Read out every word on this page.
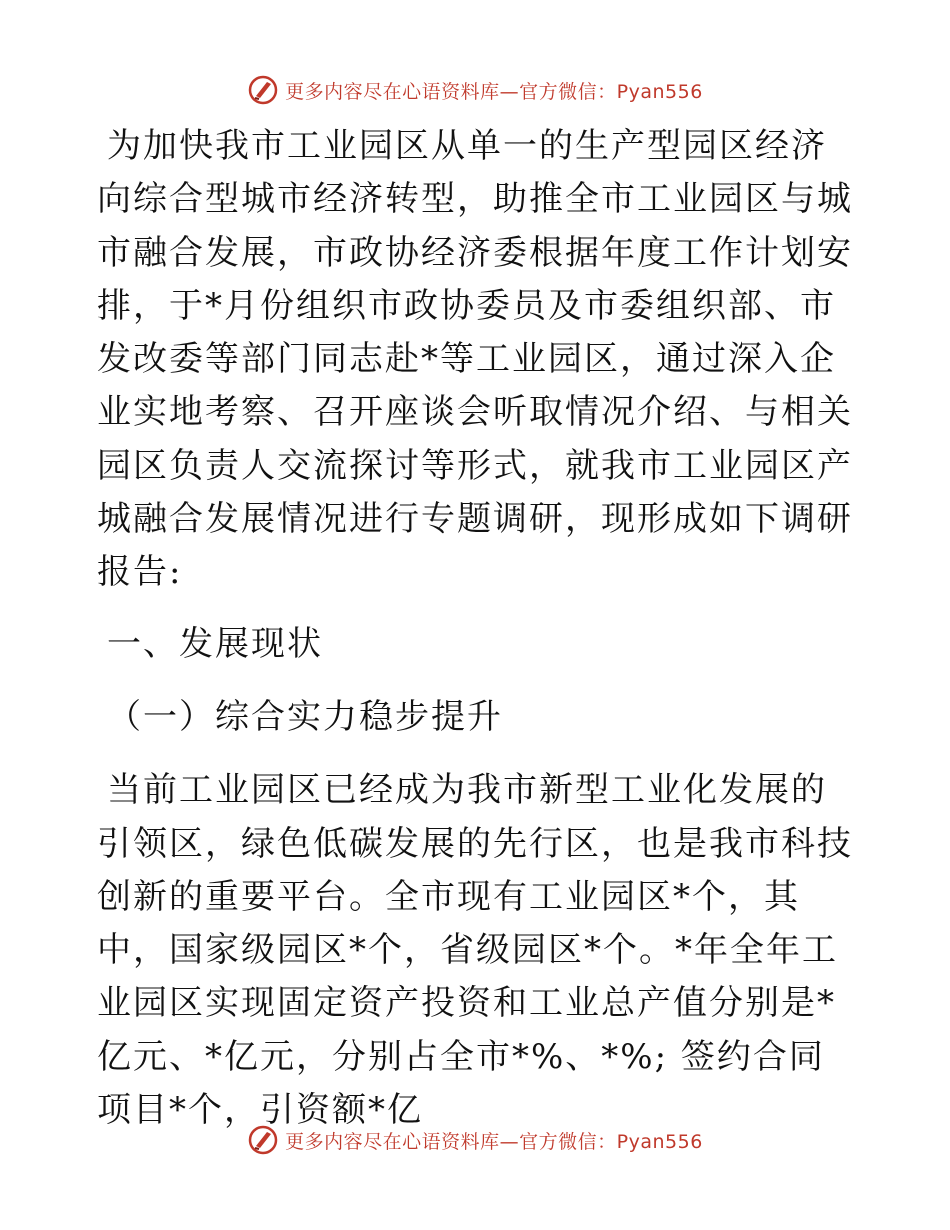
更多内容尽在心语资料库—官方微信：Pyan556

为加快我市工业园区从单一的生产型园区经济向综合型城市经济转型，助推全市工业园区与城市融合发展，市政协经济委根据年度工作计划安排，于*月份组织市政协委员及市委组织部、市发改委等部门同志赴*等工业园区，通过深入企业实地考察、召开座谈会听取情况介绍、与相关园区负责人交流探讨等形式，就我市工业园区产城融合发展情况进行专题调研，现形成如下调研报告:

一、发展现状

（一）综合实力稳步提升

当前工业园区已经成为我市新型工业化发展的引领区，绿色低碳发展的先行区，也是我市科技创新的重要平台。全市现有工业园区*个，其中，国家级园区*个，省级园区*个。*年全年工业园区实现固定资产投资和工业总产值分别是*亿元、*亿元，分别占全市*%、*%; 签约合同项目*个，引资额*亿

更多内容尽在心语资料库—官方微信：Pyan556
